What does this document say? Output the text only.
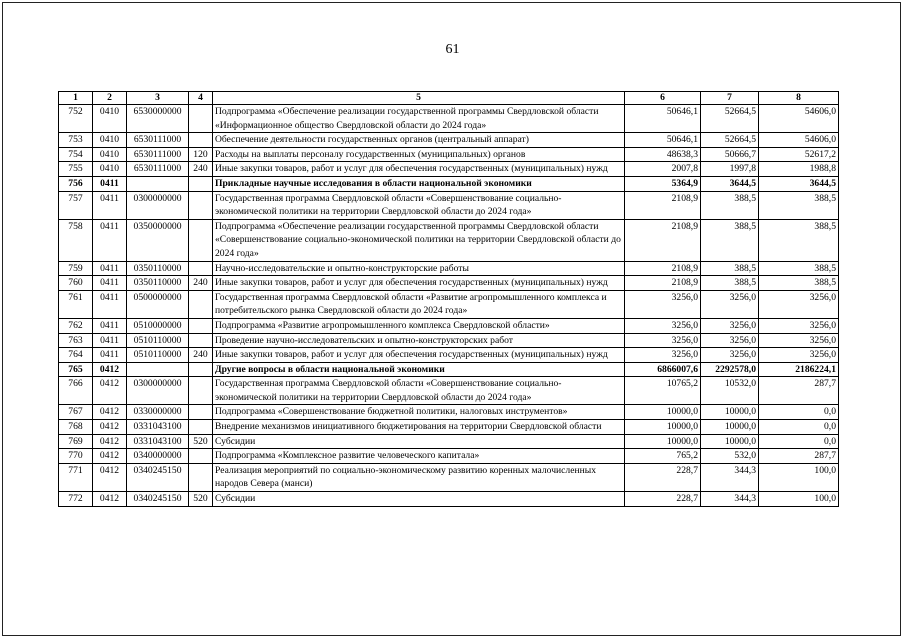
61
1	2	3	4	5	6	7	8
752	0410	6530000000		Подпрограмма «Обеспечение реализации государственной программы Свердловской области «Информационное общество Свердловской области до 2024 года»	50646,1	52664,5	54606,0
753	0410	6530111000		Обеспечение деятельности государственных органов (центральный аппарат)	50646,1	52664,5	54606,0
754	0410	6530111000	120	Расходы на выплаты персоналу государственных (муниципальных) органов	48638,3	50666,7	52617,2
755	0410	6530111000	240	Иные закупки товаров, работ и услуг для обеспечения государственных (муниципальных) нужд	2007,8	1997,8	1988,8
756	0411			Прикладные научные исследования в области национальной экономики	5364,9	3644,5	3644,5
757	0411	0300000000		Государственная программа Свердловской области «Совершенствование социально-экономической политики на территории Свердловской области до 2024 года»	2108,9	388,5	388,5
758	0411	0350000000		Подпрограмма «Обеспечение реализации государственной программы Свердловской области «Совершенствование социально-экономической политики на территории Свердловской области до 2024 года»	2108,9	388,5	388,5
759	0411	0350110000		Научно-исследовательские и опытно-конструкторские работы	2108,9	388,5	388,5
760	0411	0350110000	240	Иные закупки товаров, работ и услуг для обеспечения государственных (муниципальных) нужд	2108,9	388,5	388,5
761	0411	0500000000		Государственная программа Свердловской области «Развитие агропромышленного комплекса и потребительского рынка Свердловской области до 2024 года»	3256,0	3256,0	3256,0
762	0411	0510000000		Подпрограмма «Развитие агропромышленного комплекса Свердловской области»	3256,0	3256,0	3256,0
763	0411	0510110000		Проведение научно-исследовательских и опытно-конструкторских работ	3256,0	3256,0	3256,0
764	0411	0510110000	240	Иные закупки товаров, работ и услуг для обеспечения государственных (муниципальных) нужд	3256,0	3256,0	3256,0
765	0412			Другие вопросы в области национальной экономики	6866007,6	2292578,0	2186224,1
766	0412	0300000000		Государственная программа Свердловской области «Совершенствование социально-экономической политики на территории Свердловской области до 2024 года»	10765,2	10532,0	287,7
767	0412	0330000000		Подпрограмма «Совершенствование бюджетной политики, налоговых инструментов»	10000,0	10000,0	0,0
768	0412	0331043100		Внедрение механизмов инициативного бюджетирования на территории Свердловской области	10000,0	10000,0	0,0
769	0412	0331043100	520	Субсидии	10000,0	10000,0	0,0
770	0412	0340000000		Подпрограмма «Комплексное развитие человеческого капитала»	765,2	532,0	287,7
771	0412	0340245150		Реализация мероприятий по социально-экономическому развитию коренных малочисленных народов Севера (манси)	228,7	344,3	100,0
772	0412	0340245150	520	Субсидии	228,7	344,3	100,0
